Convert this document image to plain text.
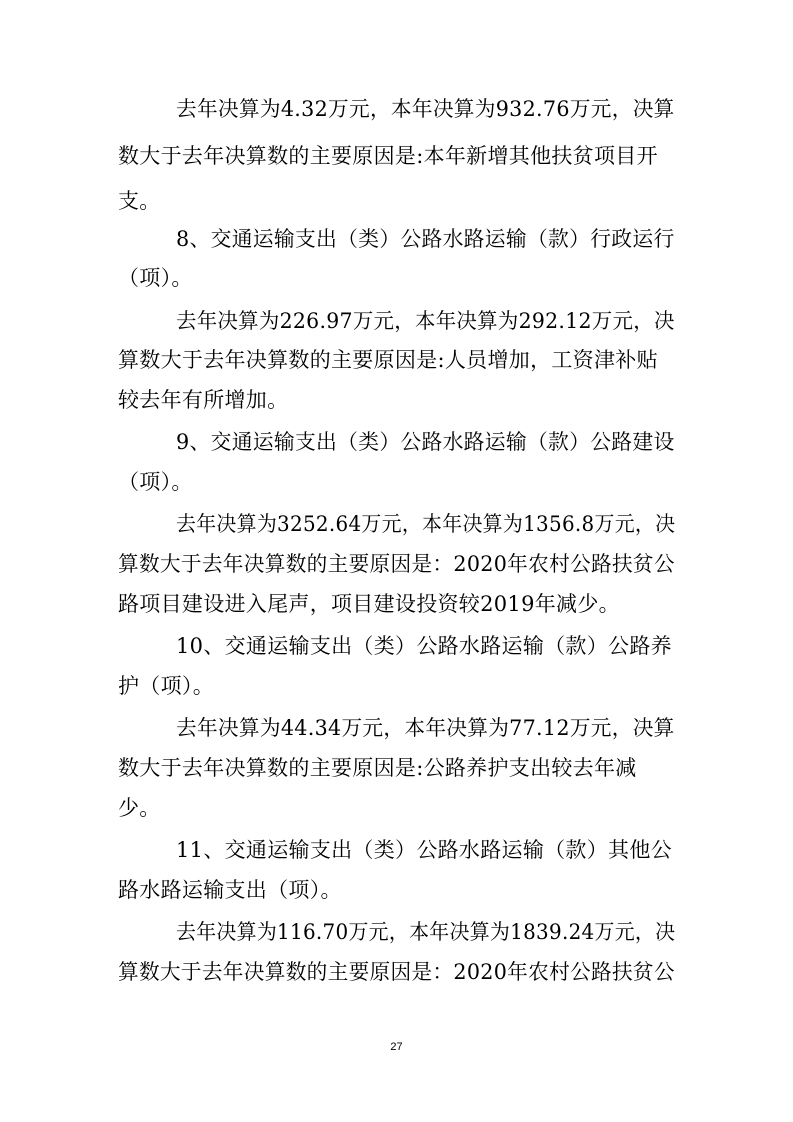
去年决算为4.32万元，本年决算为932.76万元，决算
数大于去年决算数的主要原因是:本年新增其他扶贫项目开
支。
8、交通运输支出（类）公路水路运输（款）行政运行
（项）。
去年决算为226.97万元，本年决算为292.12万元，决
算数大于去年决算数的主要原因是:人员增加，工资津补贴
较去年有所增加。
9、交通运输支出（类）公路水路运输（款）公路建设
（项）。
去年决算为3252.64万元，本年决算为1356.8万元，决
算数大于去年决算数的主要原因是：2020年农村公路扶贫公
路项目建设进入尾声，项目建设投资较2019年减少。
10、交通运输支出（类）公路水路运输（款）公路养
护（项）。
去年决算为44.34万元，本年决算为77.12万元，决算
数大于去年决算数的主要原因是:公路养护支出较去年减
少。
11、交通运输支出（类）公路水路运输（款）其他公
路水路运输支出（项）。
去年决算为116.70万元，本年决算为1839.24万元，决
算数大于去年决算数的主要原因是：2020年农村公路扶贫公
27
